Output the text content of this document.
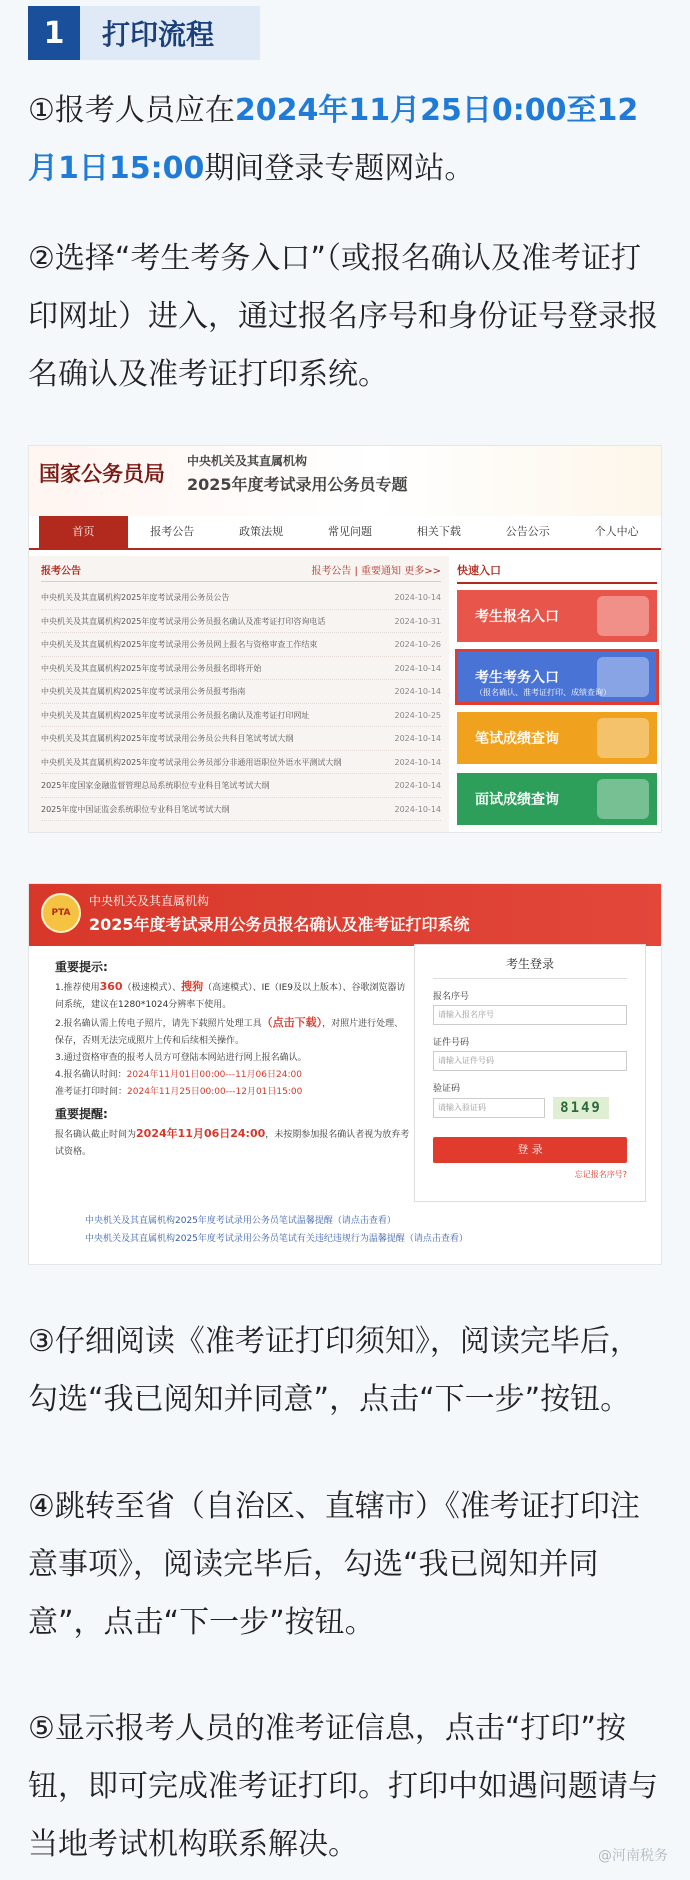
1	打印流程
①报考人员应在2024年11月25日0:00至12月1日15:00期间登录专题网站。
②选择“考生考务入口”（或报名确认及准考证打印网址）进入，通过报名序号和身份证号登录报名确认及准考证打印系统。
国家公务员局
中央机关及其直属机构
2025年度考试录用公务员专题
首页	报考公告	政策法规	常见问题	相关下载	公告公示	个人中心
报考公告	报考公告 | 重要通知 更多>>
中央机关及其直属机构2025年度考试录用公务员公告	2024-10-14
中央机关及其直属机构2025年度考试录用公务员报名确认及准考证打印咨询电话	2024-10-31
中央机关及其直属机构2025年度考试录用公务员网上报名与资格审查工作结束	2024-10-26
中央机关及其直属机构2025年度考试录用公务员报名即将开始	2024-10-14
中央机关及其直属机构2025年度考试录用公务员报考指南	2024-10-14
中央机关及其直属机构2025年度考试录用公务员报名确认及准考证打印网址	2024-10-25
中央机关及其直属机构2025年度考试录用公务员公共科目笔试考试大纲	2024-10-14
中央机关及其直属机构2025年度考试录用公务员部分非通用语职位外语水平测试大纲	2024-10-14
2025年度国家金融监督管理总局系统职位专业科目笔试考试大纲	2024-10-14
2025年度中国证监会系统职位专业科目笔试考试大纲	2024-10-14
快速入口
考生报名入口
考生考务入口
（报名确认、准考证打印、成绩查询）
笔试成绩查询
面试成绩查询
PTA
中央机关及其直属机构
2025年度考试录用公务员报名确认及准考证打印系统
重要提示:
1.推荐使用360（极速模式）、搜狗（高速模式）、IE（IE9及以上版本）、谷歌浏览器访问系统，建议在1280*1024分辨率下使用。
2.报名确认需上传电子照片，请先下载照片处理工具（点击下载），对照片进行处理、保存，否则无法完成照片上传和后续相关操作。
3.通过资格审查的报考人员方可登陆本网站进行网上报名确认。
4.报名确认时间：2024年11月01日00:00---11月06日24:00
准考证打印时间：2024年11月25日00:00---12月01日15:00
重要提醒:
报名确认截止时间为2024年11月06日24:00，未按期参加报名确认者视为放弃考试资格。
考生登录
报名序号
请输入报名序号
证件号码
请输入证件号码
验证码
请输入验证码	8149
登 录
忘记报名序号?
中央机关及其直属机构2025年度考试录用公务员笔试温馨提醒（请点击查看）
中央机关及其直属机构2025年度考试录用公务员笔试有关违纪违规行为温馨提醒（请点击查看）
③仔细阅读《准考证打印须知》，阅读完毕后，勾选“我已阅知并同意”，点击“下一步”按钮。
④跳转至省（自治区、直辖市）《准考证打印注意事项》，阅读完毕后，勾选“我已阅知并同意”，点击“下一步”按钮。
⑤显示报考人员的准考证信息，点击“打印”按钮，即可完成准考证打印。打印中如遇问题请与当地考试机构联系解决。	@河南税务
